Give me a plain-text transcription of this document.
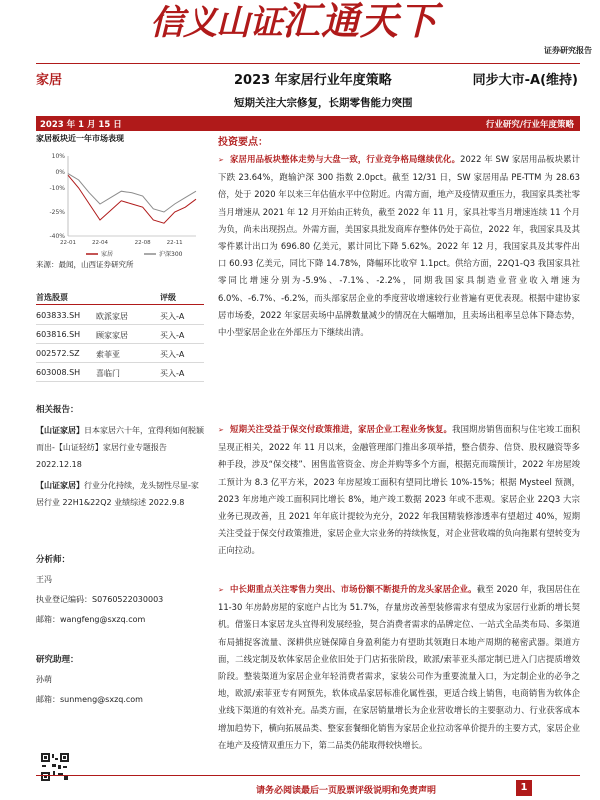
信义山证汇通天下
证券研究报告
家居	2023 年家居行业年度策略	同步大市-A(维持)
短期关注大宗修复，长期零售能力突围
2023 年 1 月 15 日	行业研究/行业年度策略
家居板块近一年市场表现
10%
0%
-10%
-25%
-40%
22-01	22-04	22-08	22-11
家居	沪深300
来源：最闻，山西证券研究所
首选股票	评级
603833.SH 欧派家居	买入-A
603816.SH 顾家家居	买入-A
002572.SZ 索菲亚	买入-A
603008.SH 喜临门	买入-A
相关报告：
【山证家居】日本家居六十年，宜得利如何脱颖而出-【山证轻纺】家居行业专题报告 2022.12.18
【山证家居】行业分化持续，龙头韧性尽显-家居行业 22H1&22Q2 业绩综述 2022.9.8
分析师：
王冯
执业登记编码：S0760522030003
邮箱：wangfeng@sxzq.com
研究助理：
孙萌
邮箱：sunmeng@sxzq.com
投资要点：
➢ 家居用品板块整体走势与大盘一致，行业竞争格局继续优化。2022 年 SW 家居用品板块累计下跌 23.64%，跑输沪深 300 指数 2.0pct。截至 12/31 日，SW 家居用品 PE-TTM 为 28.63 倍，处于 2020 年以来三年估值水平中位附近。内需方面，地产及疫情双重压力，我国家具类社零当月增速从 2021 年 12 月开始由正转负，截至 2022 年 11 月，家具社零当月增速连续 11 个月为负，尚未出现拐点。外需方面，美国家具批发商库存整体仍处于高位，2022 年，我国家具及其零件累计出口为 696.80 亿美元，累计同比下降 5.62%。2022 年 12 月，我国家具及其零件出口 60.93 亿美元，同比下降 14.78%，降幅环比收窄 1.1pct。供给方面，22Q1-Q3 我国家具社零同比增速分别为-5.9%、-7.1%、-2.2%，同期我国家具制造业营业收入增速为 6.0%、-6.7%、-6.2%，而头部家居企业的季度营收增速较行业普遍有更优表现。根据中建协家居市场委，2022 年家居卖场中品牌数量减少的情况在大幅增加，且卖场出租率呈总体下降态势，中小型家居企业在外部压力下继续出清。
➢ 短期关注受益于保交付政策推进，家居企业工程业务恢复。我国期房销售面积与住宅竣工面积呈现正相关，2022 年 11 月以来，金融管理部门推出多项举措，整合债券、信贷、股权融资等多种手段，涉及“保交楼”、困售监管资金、房企并购等多个方面，根据克而瑞预计，2022 年房屋竣工预计为 8.3 亿平方米，2023 年房屋竣工面积有望同比增长 10%-15%；根据 Mysteel 预测，2023 年房地产竣工面积同比增长 8%，地产竣工数据 2023 年或不悲观。家居企业 22Q3 大宗业务已现改善，且 2021 年年底计提较为充分，2022 年我国精装修渗透率有望超过 40%，短期关注受益于保交付政策推进，家居企业大宗业务的持续恢复，对企业营收端的负向拖累有望转变为正向拉动。
➢ 中长期重点关注零售力突出、市场份额不断提升的龙头家居企业。截至 2020 年，我国居住在 11-30 年房龄房屋的家庭户占比为 51.7%，存量房改善型装修需求有望成为家居行业新的增长契机。借鉴日本家居龙头宜得利发展经验，契合消费者需求的品牌定位、一站式全品类布局、多渠道布局捕捉客流量、深耕供应链保障自身盈利能力有望助其领跑日本地产周期的秘密武器。渠道方面，二线定制及软体家居企业依旧处于门店拓张阶段，欧派/索菲亚头部定制已进入门店提质增效阶段。整装渠道为家居企业年轻消费者需求，家装公司作为重要流量入口，为定制企业的必争之地，欧派/索菲亚专有网预先，软体成品家居标准化属性强，更适合线上销售，电商销售为软体企业线下渠道的有效补充。品类方面，在家居销量增长为企业营收增长的主要驱动力、行业获客成本增加趋势下，横向拓展品类、整家套餐细化销售为家居企业拉动客单价提升的主要方式，家居企业在地产及疫情双重压力下，第二品类仍能取得较快增长。
请务必阅读最后一页股票评级说明和免责声明	1
